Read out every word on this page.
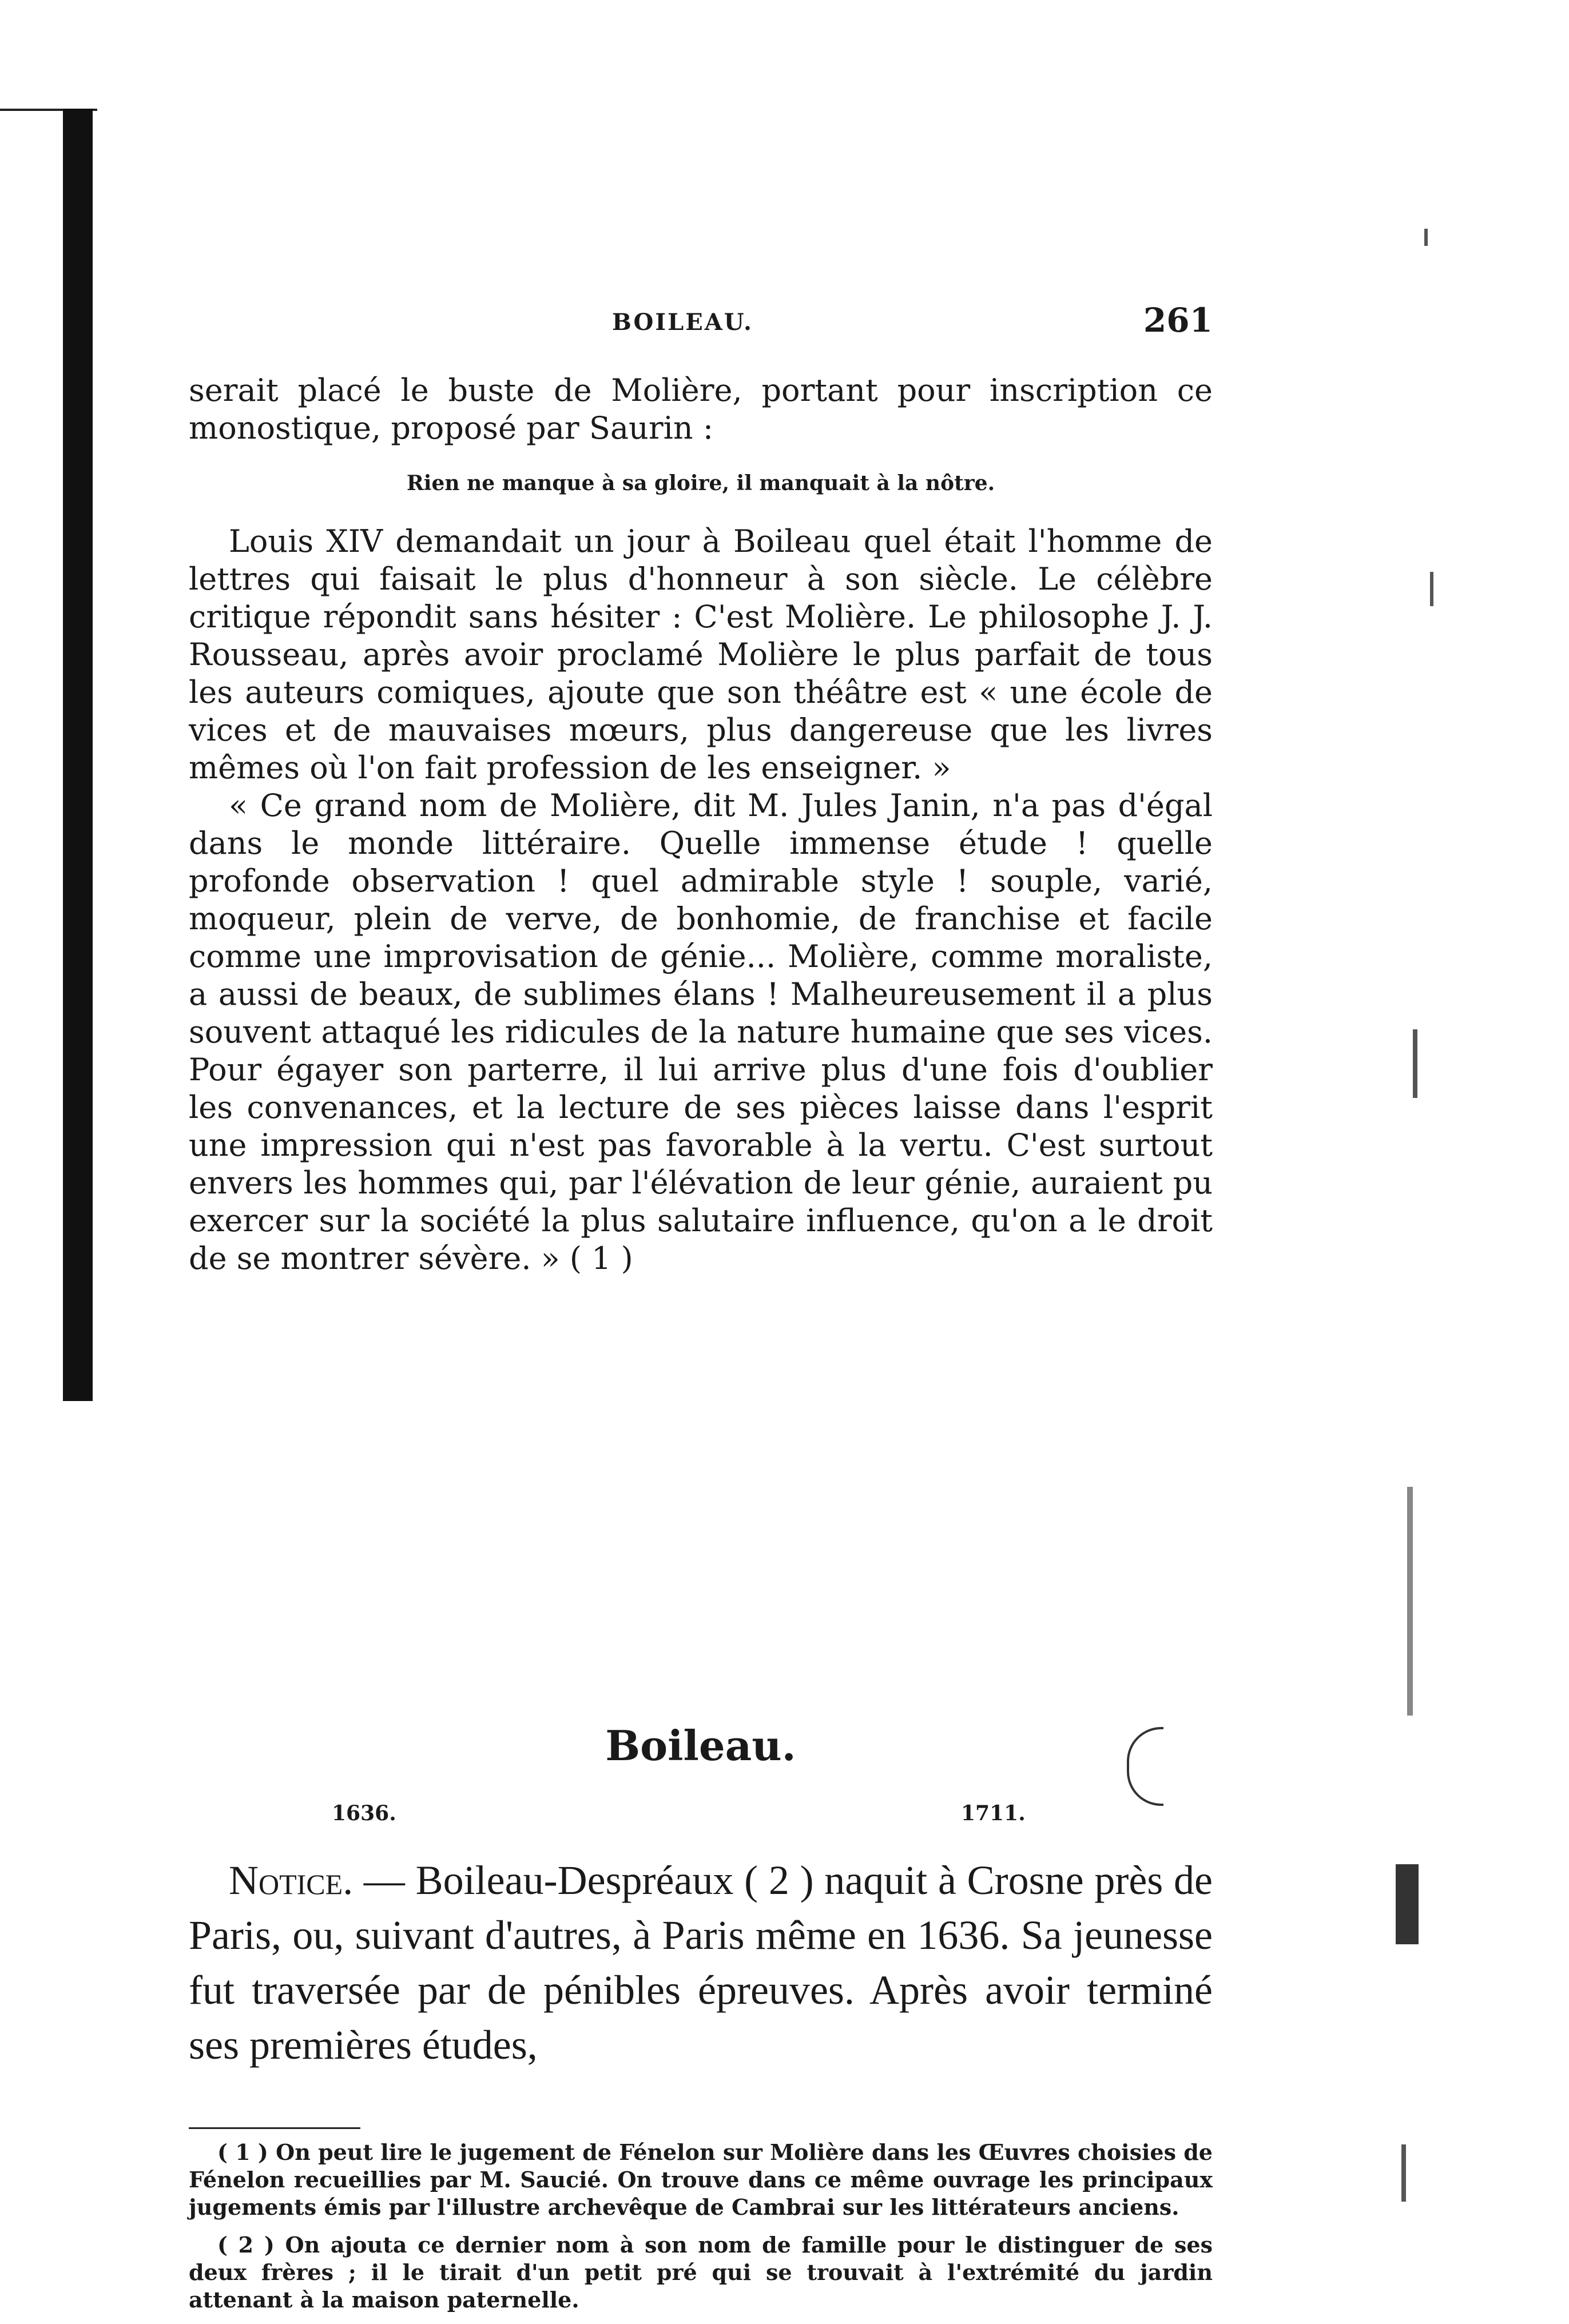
BOILEAU.	261

serait placé le buste de Molière, portant pour inscription ce monostique, proposé par Saurin :

Rien ne manque à sa gloire, il manquait à la nôtre.

Louis XIV demandait un jour à Boileau quel était l'homme de lettres qui faisait le plus d'honneur à son siècle. Le célèbre critique répondit sans hésiter : C'est Molière. Le philosophe J. J. Rousseau, après avoir proclamé Molière le plus parfait de tous les auteurs comiques, ajoute que son théâtre est « une école de vices et de mauvaises mœurs, plus dangereuse que les livres mêmes où l'on fait profession de les enseigner. »

« Ce grand nom de Molière, dit M. Jules Janin, n'a pas d'égal dans le monde littéraire. Quelle immense étude ! quelle profonde observation ! quel admirable style ! souple, varié, moqueur, plein de verve, de bonhomie, de franchise et facile comme une improvisation de génie... Molière, comme moraliste, a aussi de beaux, de sublimes élans ! Malheureusement il a plus souvent attaqué les ridicules de la nature humaine que ses vices. Pour égayer son parterre, il lui arrive plus d'une fois d'oublier les convenances, et la lecture de ses pièces laisse dans l'esprit une impression qui n'est pas favorable à la vertu. C'est surtout envers les hommes qui, par l'élévation de leur génie, auraient pu exercer sur la société la plus salutaire influence, qu'on a le droit de se montrer sévère. » ( 1 )

Boileau.
1636.	1711.

Notice. — Boileau-Despréaux ( 2 ) naquit à Crosne près de Paris, ou, suivant d'autres, à Paris même en 1636. Sa jeunesse fut traversée par de pénibles épreuves. Après avoir terminé ses premières études,

( 1 ) On peut lire le jugement de Fénelon sur Molière dans les Œuvres choisies de Fénelon recueillies par M. Saucié. On trouve dans ce même ouvrage les principaux jugements émis par l'illustre archevêque de Cambrai sur les littérateurs anciens.

( 2 ) On ajouta ce dernier nom à son nom de famille pour le distinguer de ses deux frères ; il le tirait d'un petit pré qui se trouvait à l'extrémité du jardin attenant à la maison paternelle.
